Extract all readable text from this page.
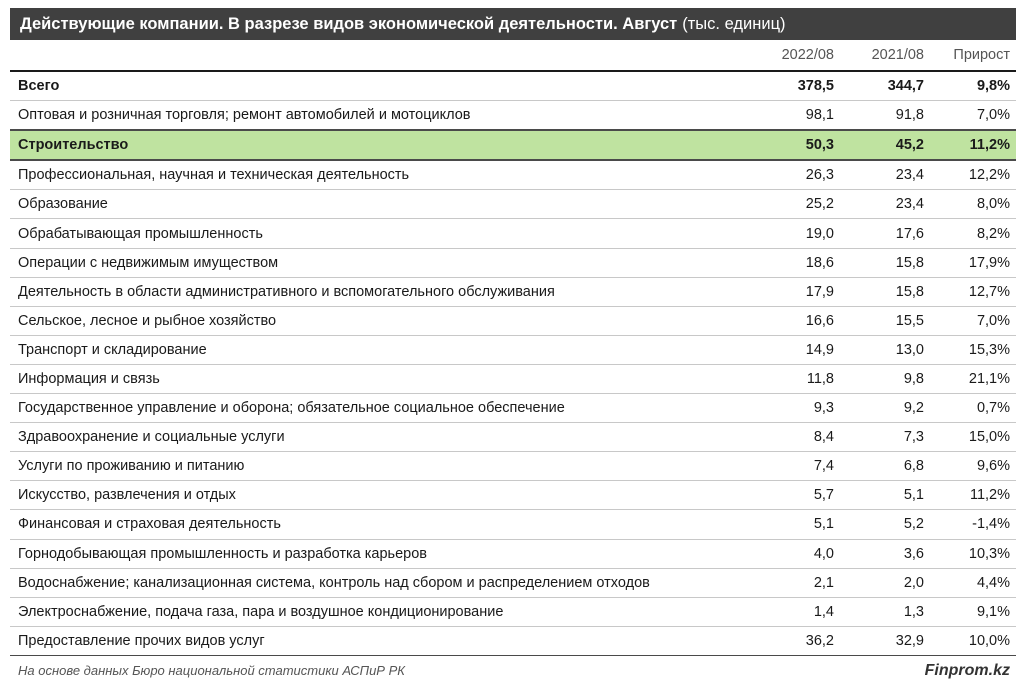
Действующие компании. В разрезе видов экономической деятельности. Август (тыс. единиц)
	2022/08	2021/08	Прирост
Всего	378,5	344,7	9,8%
Оптовая и розничная торговля; ремонт автомобилей и мотоциклов	98,1	91,8	7,0%
Строительство	50,3	45,2	11,2%
Профессиональная, научная и техническая деятельность	26,3	23,4	12,2%
Образование	25,2	23,4	8,0%
Обрабатывающая промышленность	19,0	17,6	8,2%
Операции с недвижимым имуществом	18,6	15,8	17,9%
Деятельность в области административного и вспомогательного обслуживания	17,9	15,8	12,7%
Сельское, лесное и рыбное хозяйство	16,6	15,5	7,0%
Транспорт и складирование	14,9	13,0	15,3%
Информация и связь	11,8	9,8	21,1%
Государственное управление и оборона; обязательное социальное обеспечение	9,3	9,2	0,7%
Здравоохранение и социальные услуги	8,4	7,3	15,0%
Услуги по проживанию и питанию	7,4	6,8	9,6%
Искусство, развлечения и отдых	5,7	5,1	11,2%
Финансовая и страховая деятельность	5,1	5,2	-1,4%
Горнодобывающая промышленность и разработка карьеров	4,0	3,6	10,3%
Водоснабжение; канализационная система, контроль над сбором и распределением отходов	2,1	2,0	4,4%
Электроснабжение, подача газа, пара и воздушное кондиционирование	1,4	1,3	9,1%
Предоставление прочих видов услуг	36,2	32,9	10,0%
На основе данных Бюро национальной статистики АСПиР РК	Finprom.kz
